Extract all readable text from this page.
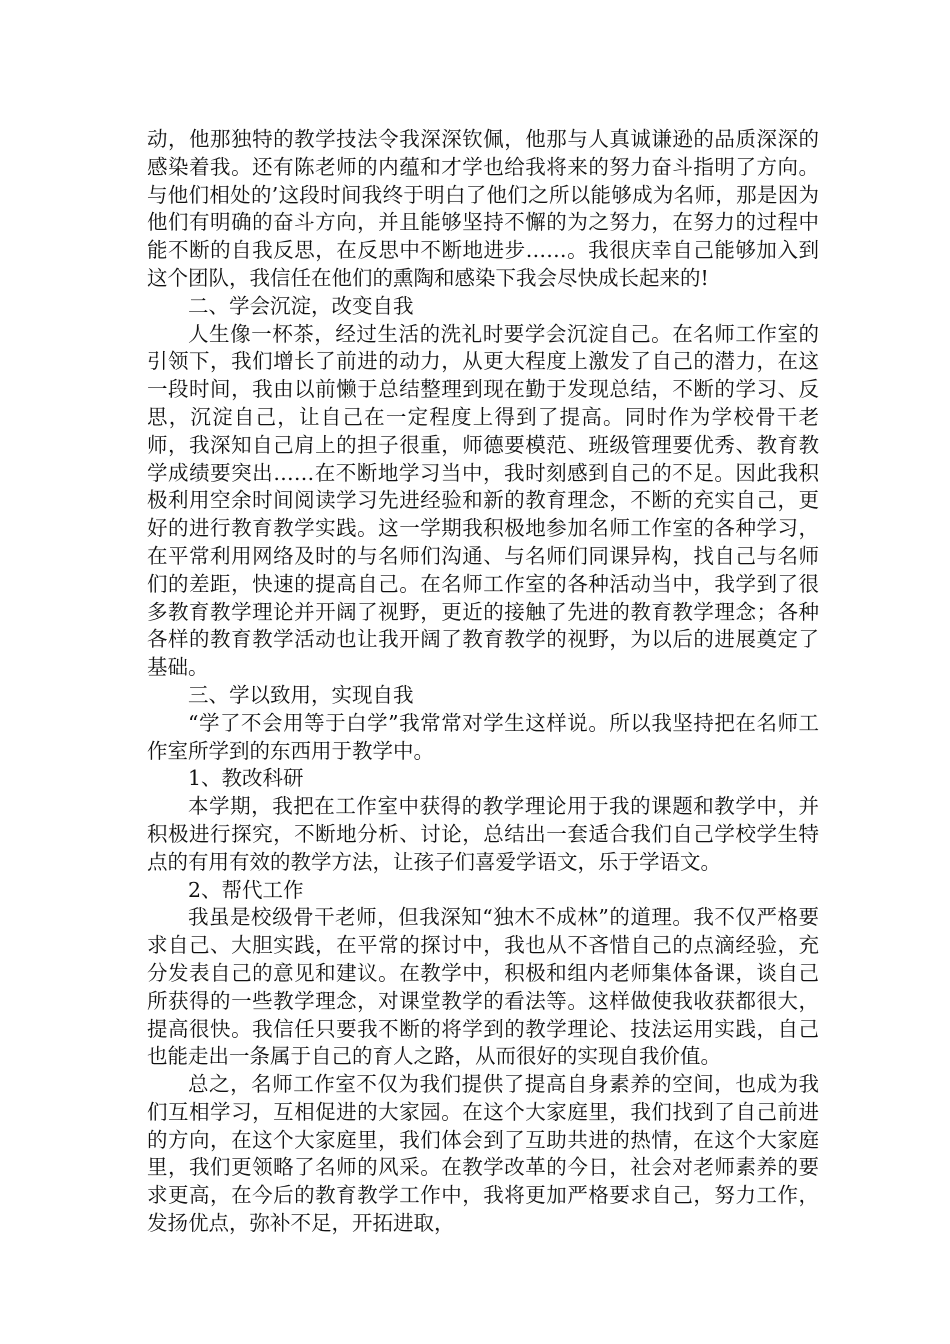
动，他那独特的教学技法令我深深钦佩，他那与人真诚谦逊的品质深深的感染着我。还有陈老师的内蕴和才学也给我将来的努力奋斗指明了方向。与他们相处的’这段时间我终于明白了他们之所以能够成为名师，那是因为他们有明确的奋斗方向，并且能够坚持不懈的为之努力，在努力的过程中能不断的自我反思，在反思中不断地进步……。我很庆幸自己能够加入到这个团队，我信任在他们的熏陶和感染下我会尽快成长起来的!

二、学会沉淀，改变自我

人生像一杯茶，经过生活的洗礼时要学会沉淀自己。在名师工作室的引领下，我们增长了前进的动力，从更大程度上激发了自己的潜力，在这一段时间，我由以前懒于总结整理到现在勤于发现总结，不断的学习、反思，沉淀自己，让自己在一定程度上得到了提高。同时作为学校骨干老师，我深知自己肩上的担子很重，师德要模范、班级管理要优秀、教育教学成绩要突出……在不断地学习当中，我时刻感到自己的不足。因此我积极利用空余时间阅读学习先进经验和新的教育理念，不断的充实自己，更好的进行教育教学实践。这一学期我积极地参加名师工作室的各种学习，在平常利用网络及时的与名师们沟通、与名师们同课异构，找自己与名师们的差距，快速的提高自己。在名师工作室的各种活动当中，我学到了很多教育教学理论并开阔了视野，更近的接触了先进的教育教学理念；各种各样的教育教学活动也让我开阔了教育教学的视野，为以后的进展奠定了基础。

三、学以致用，实现自我

“学了不会用等于白学”我常常对学生这样说。所以我坚持把在名师工作室所学到的东西用于教学中。

1、教改科研

本学期，我把在工作室中获得的教学理论用于我的课题和教学中，并积极进行探究，不断地分析、讨论，总结出一套适合我们自己学校学生特点的有用有效的教学方法，让孩子们喜爱学语文，乐于学语文。

2、帮代工作

我虽是校级骨干老师，但我深知“独木不成林”的道理。我不仅严格要求自己、大胆实践，在平常的探讨中，我也从不吝惜自己的点滴经验，充分发表自己的意见和建议。在教学中，积极和组内老师集体备课，谈自己所获得的一些教学理念，对课堂教学的看法等。这样做使我收获都很大，提高很快。我信任只要我不断的将学到的教学理论、技法运用实践，自己也能走出一条属于自己的育人之路，从而很好的实现自我价值。

总之，名师工作室不仅为我们提供了提高自身素养的空间，也成为我们互相学习，互相促进的大家园。在这个大家庭里，我们找到了自己前进的方向，在这个大家庭里，我们体会到了互助共进的热情，在这个大家庭里，我们更领略了名师的风采。在教学改革的今日，社会对老师素养的要求更高，在今后的教育教学工作中，我将更加严格要求自己，努力工作，发扬优点，弥补不足，开拓进取，
